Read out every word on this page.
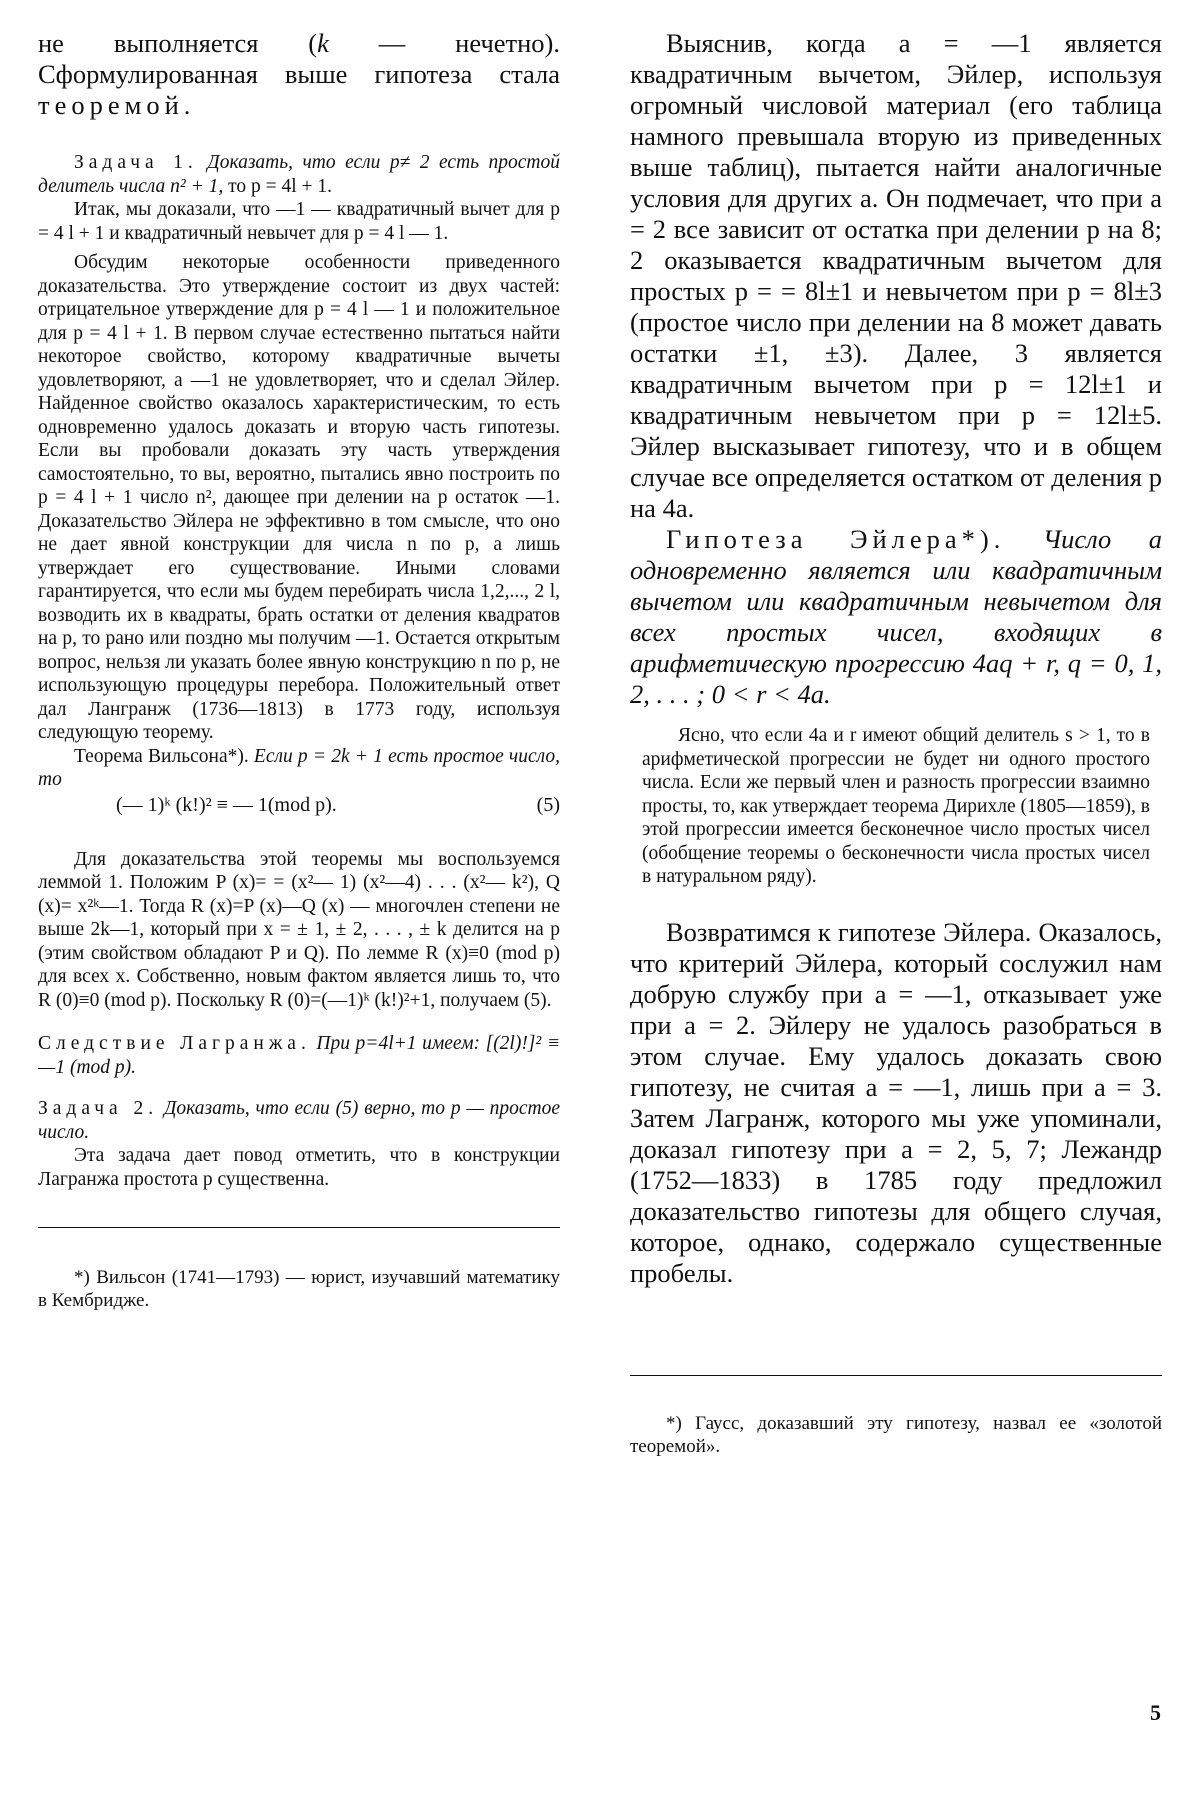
не выполняется (k — нечетно). Сформулированная выше гипотеза стала теоремой.

Задача 1. Доказать, что если p≠ 2 есть простой делитель числа n² + 1, то p = 4l + 1.

Итак, мы доказали, что —1 — квадратичный вычет для p = 4 l + 1 и квадратичный невычет для p = 4 l — 1.

Обсудим некоторые особенности приведенного доказательства. Это утверждение состоит из двух частей: отрицательное утверждение для p = 4 l — 1 и положительное для p = 4 l + 1. В первом случае естественно пытаться найти некоторое свойство, которому квадратичные вычеты удовлетворяют, а —1 не удовлетворяет, что и сделал Эйлер. Найденное свойство оказалось характеристическим, то есть одновременно удалось доказать и вторую часть гипотезы. Если вы пробовали доказать эту часть утверждения самостоятельно, то вы, вероятно, пытались явно построить по p = 4 l + 1 число n², дающее при делении на p остаток —1. Доказательство Эйлера не эффективно в том смысле, что оно не дает явной конструкции для числа n по p, а лишь утверждает его существование. Иными словами гарантируется, что если мы будем перебирать числа 1,2,..., 2 l, возводить их в квадраты, брать остатки от деления квадратов на p, то рано или поздно мы получим —1. Остается открытым вопрос, нельзя ли указать более явную конструкцию n по p, не использующую процедуры перебора. Положительный ответ дал Лангранж (1736—1813) в 1773 году, используя следующую теорему.

Теорема Вильсона*). Если p = 2k + 1 есть простое число, то

(— 1)ᵏ (k!)² ≡ — 1(mod p).	(5)

Для доказательства этой теоремы мы воспользуемся леммой 1. Положим P (x)= = (x²— 1) (x²—4) . . . (x²— k²), Q (x)= x²ᵏ—1. Тогда R (x)=P (x)—Q (x) — многочлен степени не выше 2k—1, который при x = ± 1, ± 2, . . . , ± k делится на p (этим свойством обладают P и Q). По лемме R (x)≡0 (mod p) для всех x. Собственно, новым фактом является лишь то, что R (0)≡0 (mod p). Поскольку R (0)=(—1)ᵏ (k!)²+1, получаем (5).

Следствие Лагранжа. При p=4l+1 имеем: [(2l)!]² ≡ —1 (mod p).

Задача 2. Доказать, что если (5) верно, то p — простое число.

Эта задача дает повод отметить, что в конструкции Лагранжа простота p существенна.

*) Вильсон (1741—1793) — юрист, изучавший математику в Кембридже.

Выяснив, когда a = —1 является квадратичным вычетом, Эйлер, используя огромный числовой материал (его таблица намного превышала вторую из приведенных выше таблиц), пытается найти аналогичные условия для других a. Он подмечает, что при a = 2 все зависит от остатка при делении p на 8; 2 оказывается квадратичным вычетом для простых p = = 8l±1 и невычетом при p = 8l±3 (простое число при делении на 8 может давать остатки ±1, ±3). Далее, 3 является квадратичным вычетом при p = 12l±1 и квадратичным невычетом при p = 12l±5. Эйлер высказывает гипотезу, что и в общем случае все определяется остатком от деления p на 4a.

Гипотеза Эйлера*). Число a одновременно является или квадратичным вычетом или квадратичным невычетом для всех простых чисел, входящих в арифметическую прогрессию 4aq + r, q = 0, 1, 2, . . . ; 0 < r < 4a.

Ясно, что если 4a и r имеют общий делитель s > 1, то в арифметической прогрессии не будет ни одного простого числа. Если же первый член и разность прогрессии взаимно просты, то, как утверждает теорема Дирихле (1805—1859), в этой прогрессии имеется бесконечное число простых чисел (обобщение теоремы о бесконечности числа простых чисел в натуральном ряду).

Возвратимся к гипотезе Эйлера. Оказалось, что критерий Эйлера, который сослужил нам добрую службу при a = —1, отказывает уже при a = 2. Эйлеру не удалось разобраться в этом случае. Ему удалось доказать свою гипотезу, не считая a = —1, лишь при a = 3. Затем Лагранж, которого мы уже упоминали, доказал гипотезу при a = 2, 5, 7; Лежандр (1752—1833) в 1785 году предложил доказательство гипотезы для общего случая, которое, однако, содержало существенные пробелы.

*) Гаусс, доказавший эту гипотезу, назвал ее «золотой теоремой».

5
